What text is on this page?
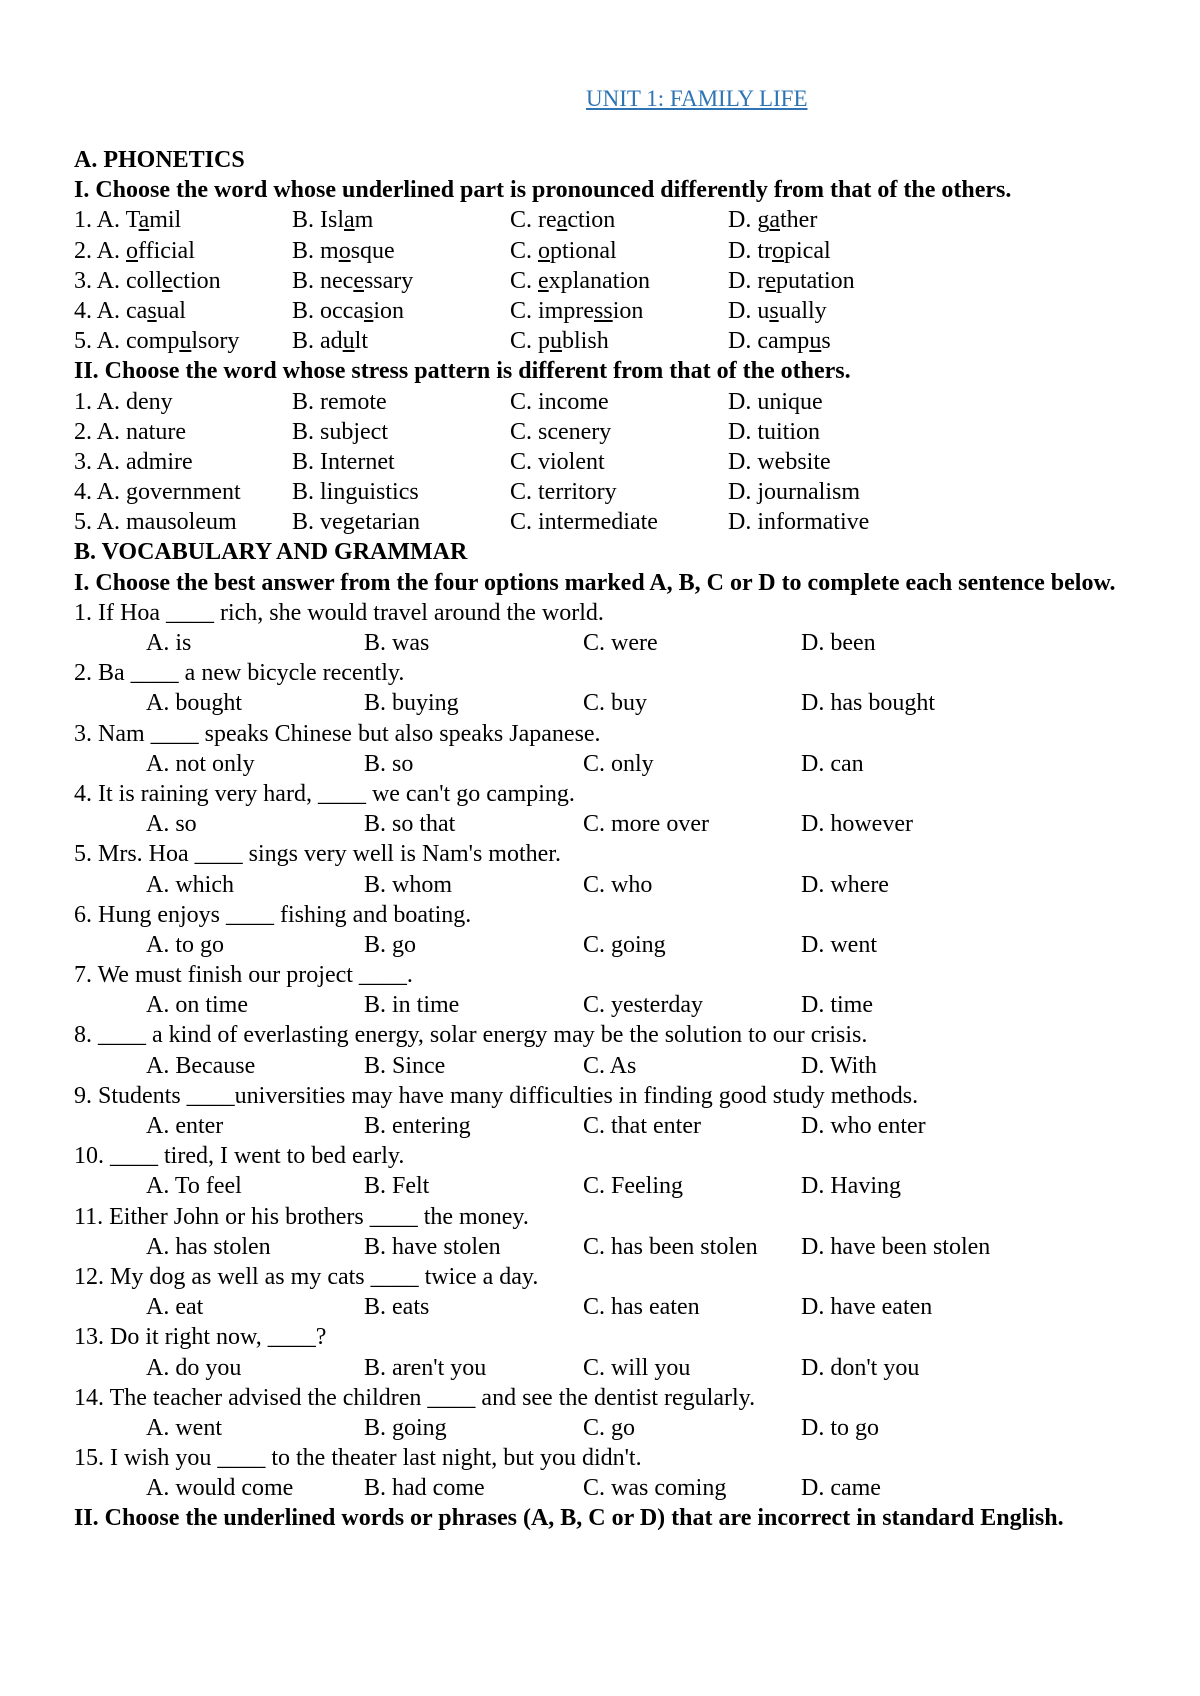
UNIT 1: FAMILY LIFE
A. PHONETICS
I. Choose the word whose underlined part is pronounced differently from that of the others.
1. A. Tamil	B. Islam	C. reaction	D. gather
2. A. official	B. mosque	C. optional	D. tropical
3. A. collection	B. necessary	C. explanation	D. reputation
4. A. casual	B. occasion	C. impression	D. usually
5. A. compulsory B. adult	C. publish	D. campus
II. Choose the word whose stress pattern is different from that of the others.
1. A. deny	B. remote	C. income	D. unique
2. A. nature	B. subject	C. scenery	D. tuition
3. A. admire	B. Internet	C. violent	D. website
4. A. government B. linguistics	C. territory	D. journalism
5. A. mausoleum B. vegetarian	C. intermediate	D. informative
B. VOCABULARY AND GRAMMAR
I. Choose the best answer from the four options marked A, B, C or D to complete each sentence below.
1. If Hoa ____ rich, she would travel around the world.
A. is	B. was	C. were	D. been
2. Ba ____ a new bicycle recently.
A. bought	B. buying	C. buy	D. has bought
3. Nam ____ speaks Chinese but also speaks Japanese.
A. not only	B. so	C. only	D. can
4. It is raining very hard, ____ we can't go camping.
A. so	B. so that	C. more over	D. however
5. Mrs. Hoa ____ sings very well is Nam's mother.
A. which	B. whom	C. who	D. where
6. Hung enjoys ____ fishing and boating.
A. to go	B. go	C. going	D. went
7. We must finish our project ____.
A. on time	B. in time	C. yesterday	D. time
8. ____ a kind of everlasting energy, solar energy may be the solution to our crisis.
A. Because	B. Since	C. As	D. With
9. Students ____universities may have many difficulties in finding good study methods.
A. enter	B. entering	C. that enter	D. who enter
10. ____ tired, I went to bed early.
A. To feel	B. Felt	C. Feeling	D. Having
11. Either John or his brothers ____ the money.
A. has stolen	B. have stolen	C. has been stolen D. have been stolen
12. My dog as well as my cats ____ twice a day.
A. eat	B. eats	C. has eaten	D. have eaten
13. Do it right now, ____?
A. do you	B. aren't you	C. will you	D. don't you
14. The teacher advised the children ____ and see the dentist regularly.
A. went	B. going	C. go	D. to go
15. I wish you ____ to the theater last night, but you didn't.
A. would come	B. had come	C. was coming	D. came
II. Choose the underlined words or phrases (A, B, C or D) that are incorrect in standard English.
